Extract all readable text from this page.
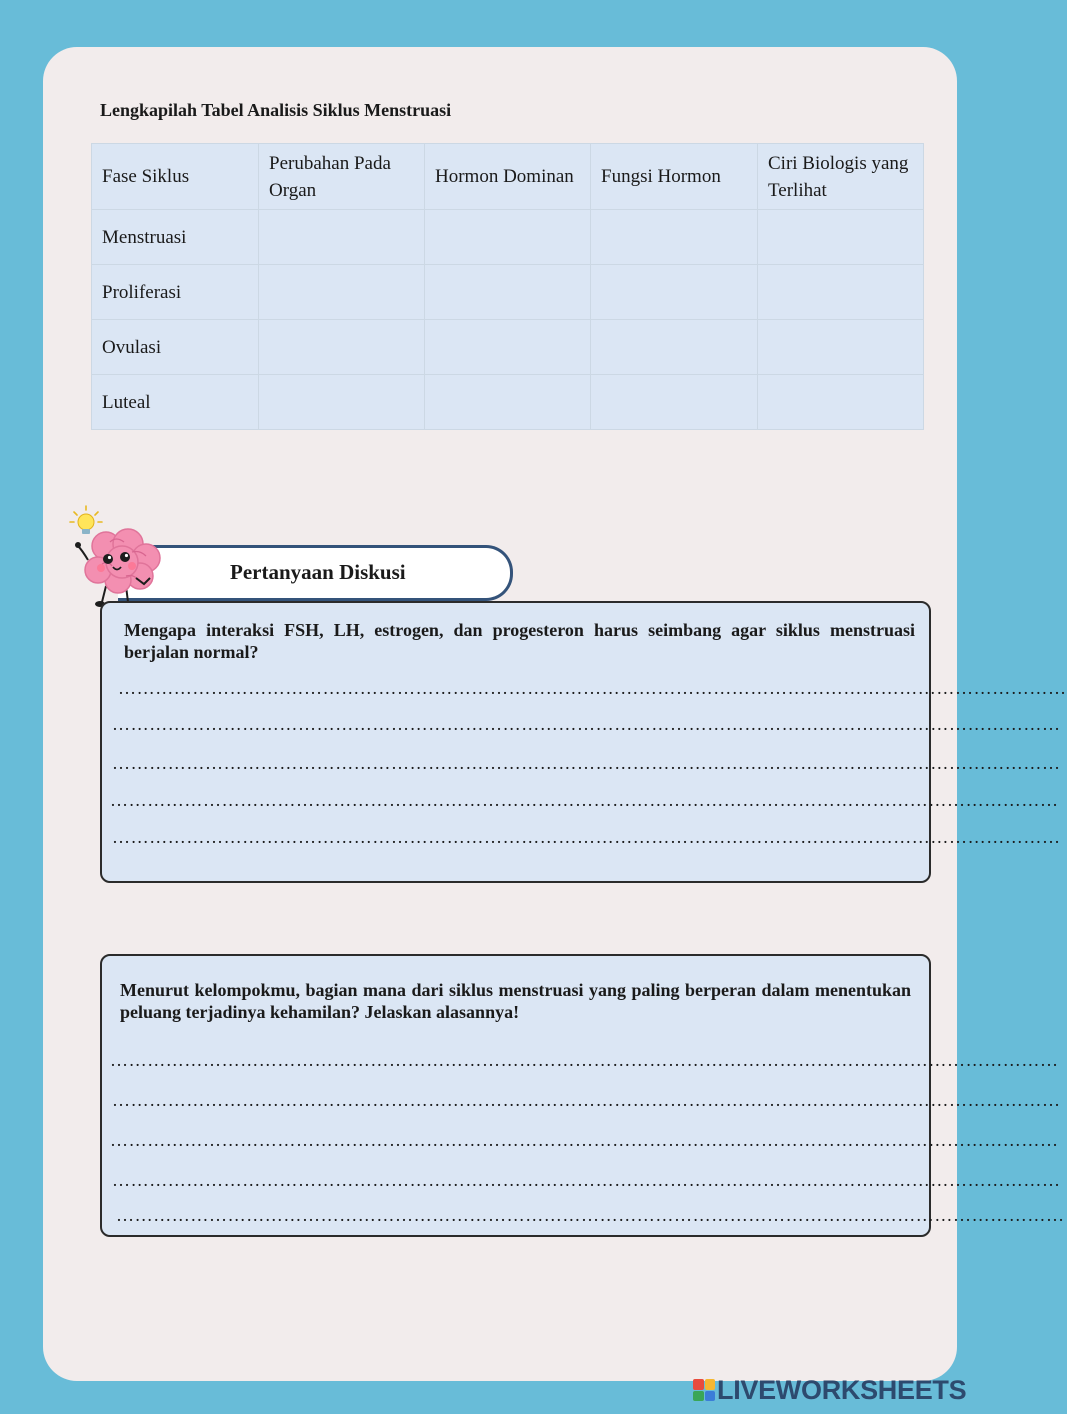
Lengkapilah Tabel Analisis Siklus Menstruasi
Fase Siklus	Perubahan Pada Organ	Hormon Dominan	Fungsi Hormon	Ciri Biologis yang Terlihat
Menstruasi				
Proliferasi				
Ovulasi				
Luteal				
Pertanyaan Diskusi

Mengapa interaksi FSH, LH, estrogen, dan progesteron harus seimbang agar siklus menstruasi berjalan normal?

………………………………………………………………………………………………………………………………………
………………………………………………………………………………………………………………………………………
………………………………………………………………………………………………………………………………………
………………………………………………………………………………………………………………………………………
………………………………………………………………………………………………………………………………………

Menurut kelompokmu, bagian mana dari siklus menstruasi yang paling berperan dalam menentukan peluang terjadinya kehamilan? Jelaskan alasannya!

………………………………………………………………………………………………………………………………………
………………………………………………………………………………………………………………………………………
………………………………………………………………………………………………………………………………………
………………………………………………………………………………………………………………………………………
………………………………………………………………………………………………………………………………………
LIVEWORKSHEETS
